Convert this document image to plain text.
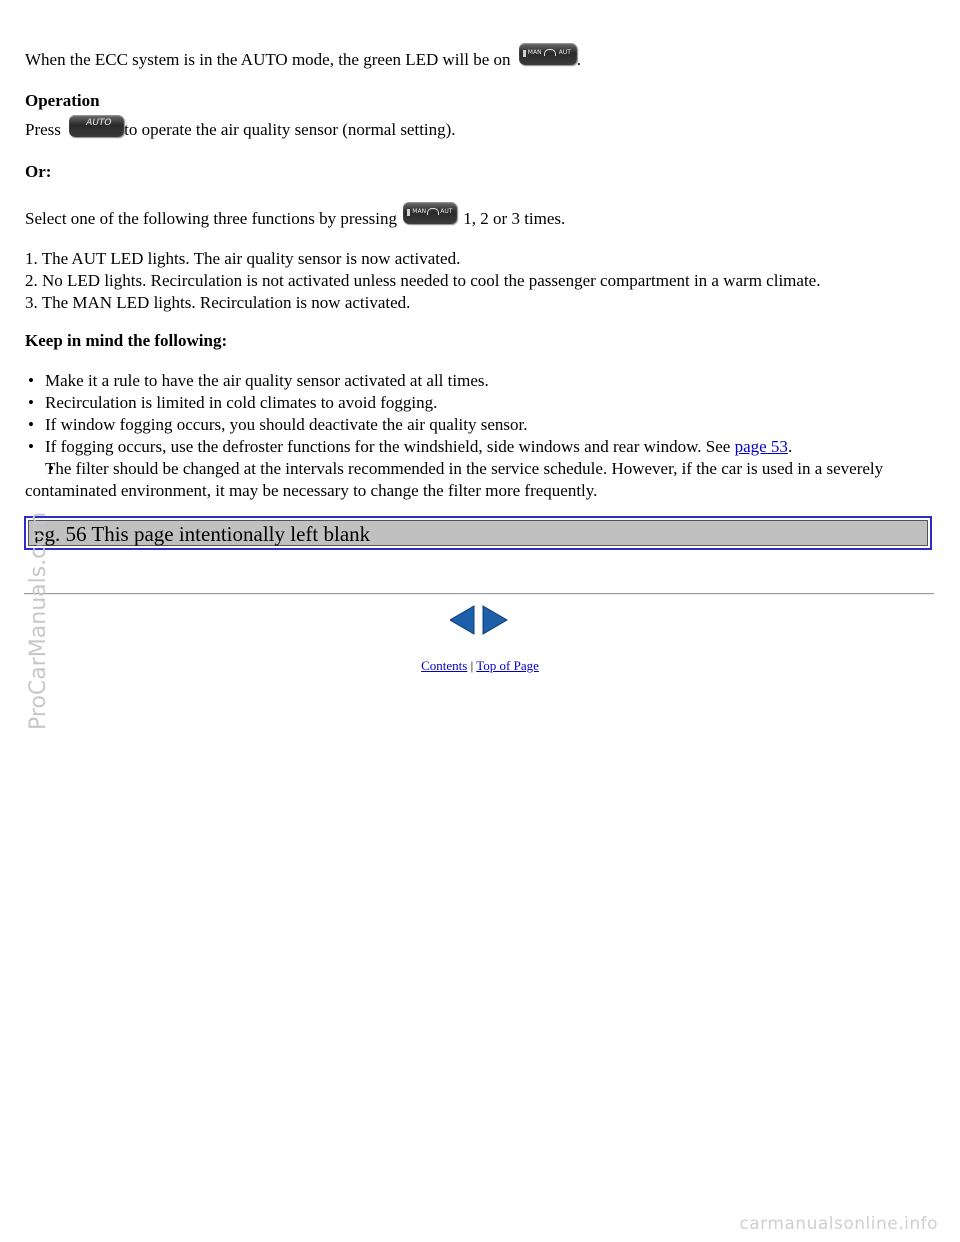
When the ECC system is in the AUTO mode, the green LED will be on	MAN	AUT .

Operation

Press	AUTO to operate the air quality sensor (normal setting).

Or:

Select one of the following three functions by pressing	MAN AUT 1, 2 or 3 times.

1. The AUT LED lights. The air quality sensor is now activated.

2. No LED lights. Recirculation is not activated unless needed to cool the passenger compartment in a warm climate.

3. The MAN LED lights. Recirculation is now activated.

Keep in mind the following:

• Make it a rule to have the air quality sensor activated at all times.
• Recirculation is limited in cold climates to avoid fogging.
• If window fogging occurs, you should deactivate the air quality sensor.
• If fogging occurs, use the defroster functions for the windshield, side windows and rear window. See page 53.
• The filter should be changed at the intervals recommended in the service schedule. However, if the car is used in a severely contaminated environment, it may be necessary to change the filter more frequently.
pg. 56 This page intentionally left blank
Contents | Top of Page
ProCarManuals.com
carmanualsonline.info
